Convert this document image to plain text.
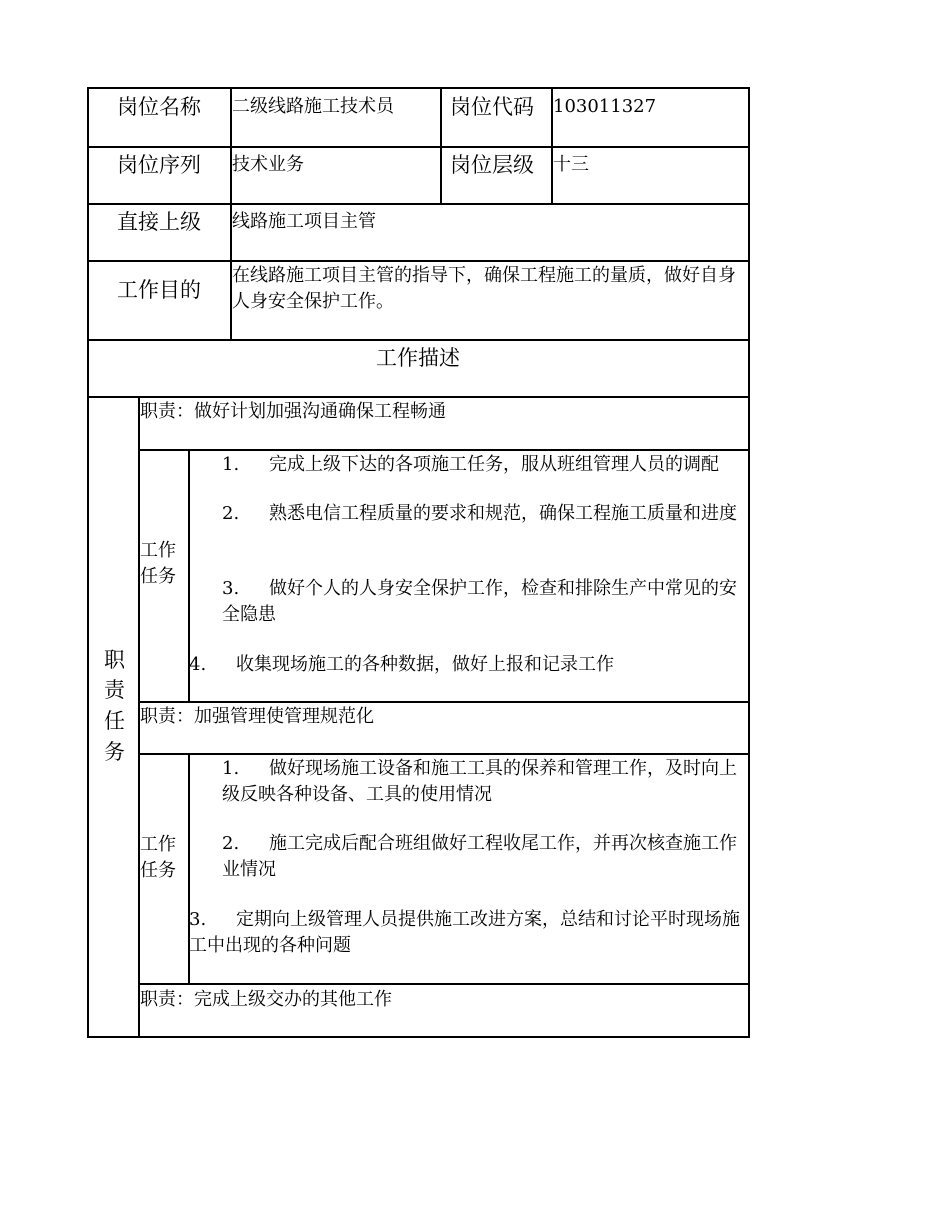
岗位名称 二级线路施工技术员	岗位代码 103011327
岗位序列 技术业务	岗位层级 十三
直接上级 线路施工项目主管
工作目的
在线路施工项目主管的指导下，确保工程施工的量质，做好自身人身安全保护工作。
工作描述
职
责
任
务
职责：做好计划加强沟通确保工程畅通
工作
任务
1. 完成上级下达的各项施工任务，服从班组管理人员的调配
2. 熟悉电信工程质量的要求和规范，确保工程施工质量和进度
3. 做好个人的人身安全保护工作，检查和排除生产中常见的安全隐患
4. 收集现场施工的各种数据，做好上报和记录工作
职责：加强管理使管理规范化
工作
任务
1. 做好现场施工设备和施工工具的保养和管理工作，及时向上级反映各种设备、工具的使用情况
2. 施工完成后配合班组做好工程收尾工作，并再次核查施工作业情况
3. 定期向上级管理人员提供施工改进方案，总结和讨论平时现场施工中出现的各种问题
职责：完成上级交办的其他工作
